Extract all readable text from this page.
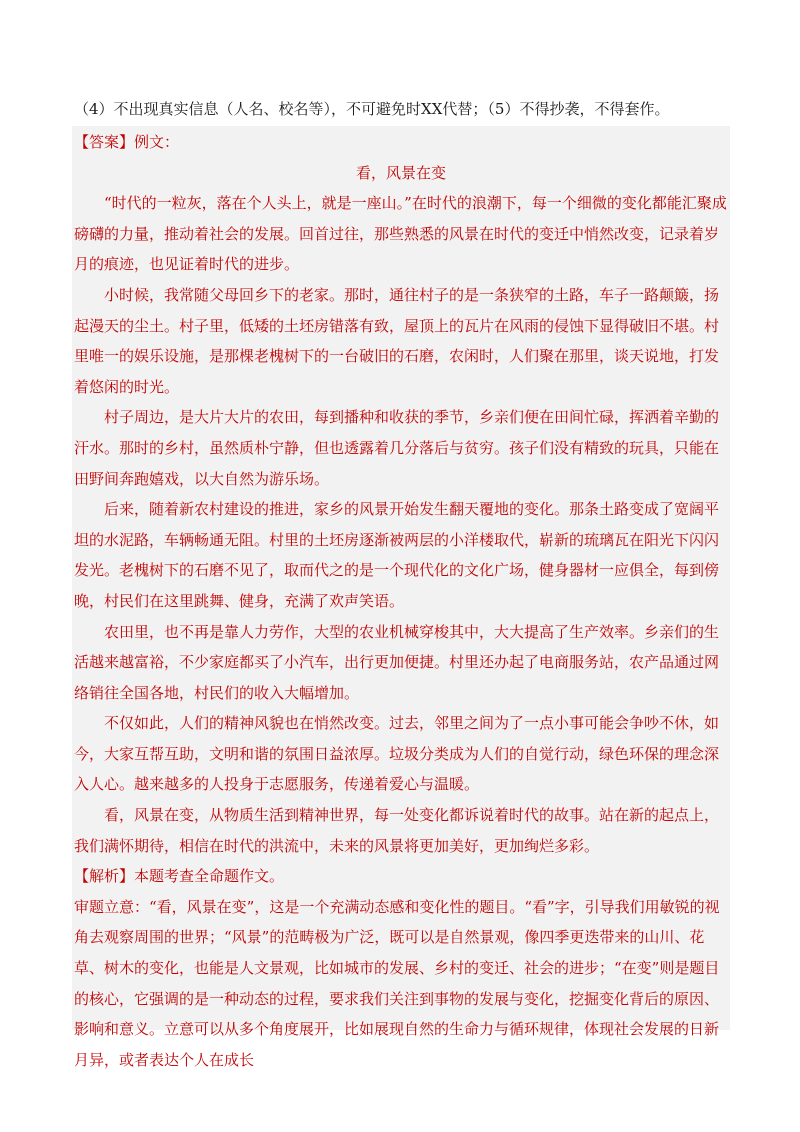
（4）不出现真实信息（人名、校名等），不可避免时XX代替；（5）不得抄袭，不得套作。

【答案】例文：

看，风景在变

“时代的一粒灰，落在个人头上，就是一座山。”在时代的浪潮下，每一个细微的变化都能汇聚成磅礴的力量，推动着社会的发展。回首过往，那些熟悉的风景在时代的变迁中悄然改变，记录着岁月的痕迹，也见证着时代的进步。

小时候，我常随父母回乡下的老家。那时，通往村子的是一条狭窄的土路，车子一路颠簸，扬起漫天的尘土。村子里，低矮的土坯房错落有致，屋顶上的瓦片在风雨的侵蚀下显得破旧不堪。村里唯一的娱乐设施，是那棵老槐树下的一台破旧的石磨，农闲时，人们聚在那里，谈天说地，打发着悠闲的时光。

村子周边，是大片大片的农田，每到播种和收获的季节，乡亲们便在田间忙碌，挥洒着辛勤的汗水。那时的乡村，虽然质朴宁静，但也透露着几分落后与贫穷。孩子们没有精致的玩具，只能在田野间奔跑嬉戏，以大自然为游乐场。

后来，随着新农村建设的推进，家乡的风景开始发生翻天覆地的变化。那条土路变成了宽阔平坦的水泥路，车辆畅通无阻。村里的土坯房逐渐被两层的小洋楼取代，崭新的琉璃瓦在阳光下闪闪发光。老槐树下的石磨不见了，取而代之的是一个现代化的文化广场，健身器材一应俱全，每到傍晚，村民们在这里跳舞、健身，充满了欢声笑语。

农田里，也不再是靠人力劳作，大型的农业机械穿梭其中，大大提高了生产效率。乡亲们的生活越来越富裕，不少家庭都买了小汽车，出行更加便捷。村里还办起了电商服务站，农产品通过网络销往全国各地，村民们的收入大幅增加。

不仅如此，人们的精神风貌也在悄然改变。过去，邻里之间为了一点小事可能会争吵不休，如今，大家互帮互助，文明和谐的氛围日益浓厚。垃圾分类成为人们的自觉行动，绿色环保的理念深入人心。越来越多的人投身于志愿服务，传递着爱心与温暖。

看，风景在变，从物质生活到精神世界，每一处变化都诉说着时代的故事。站在新的起点上，我们满怀期待，相信在时代的洪流中，未来的风景将更加美好，更加绚烂多彩。

【解析】本题考查全命题作文。

审题立意：“看，风景在变”，这是一个充满动态感和变化性的题目。“看”字，引导我们用敏锐的视角去观察周围的世界；“风景”的范畴极为广泛，既可以是自然景观，像四季更迭带来的山川、花草、树木的变化，也能是人文景观，比如城市的发展、乡村的变迁、社会的进步；“在变”则是题目的核心，它强调的是一种动态的过程，要求我们关注到事物的发展与变化，挖掘变化背后的原因、影响和意义。立意可以从多个角度展开，比如展现自然的生命力与循环规律，体现社会发展的日新月异，或者表达个人在成长
